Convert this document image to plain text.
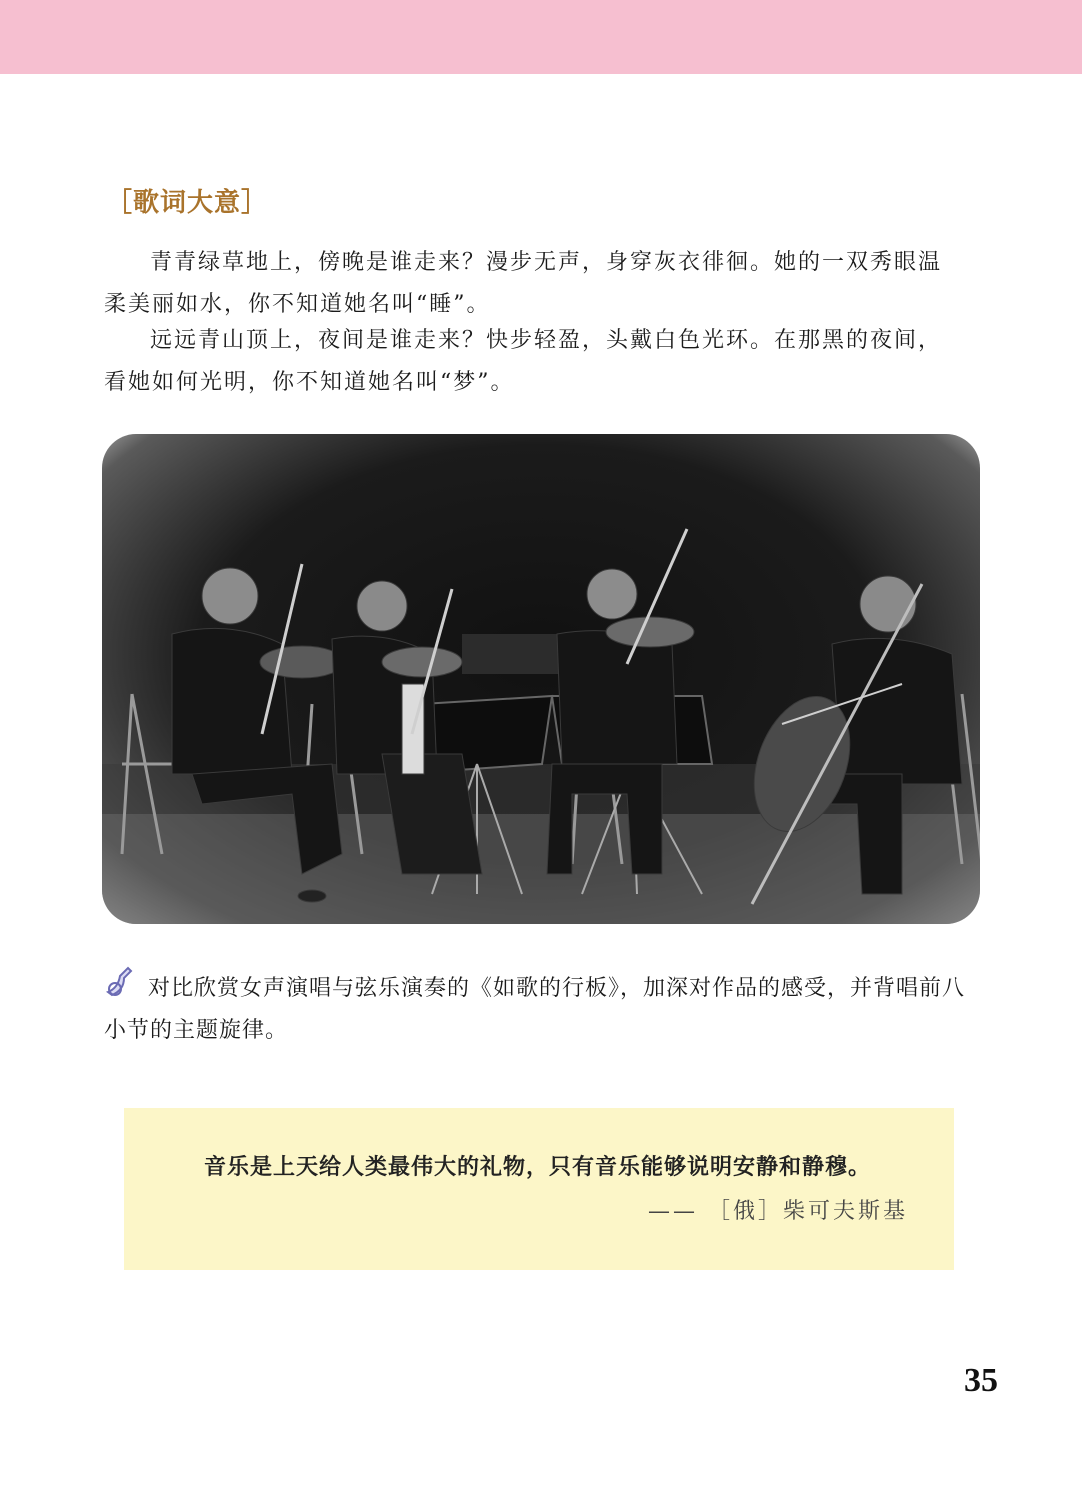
［歌词大意］

青青绿草地上，傍晚是谁走来？漫步无声，身穿灰衣徘徊。她的一双秀眼温柔美丽如水，你不知道她名叫“睡”。

远远青山顶上，夜间是谁走来？快步轻盈，头戴白色光环。在那黑的夜间，看她如何光明，你不知道她名叫“梦”。

对比欣赏女声演唱与弦乐演奏的《如歌的行板》，加深对作品的感受，并背唱前八小节的主题旋律。

音乐是上天给人类最伟大的礼物，只有音乐能够说明安静和静穆。
—— ［俄］柴可夫斯基
35
